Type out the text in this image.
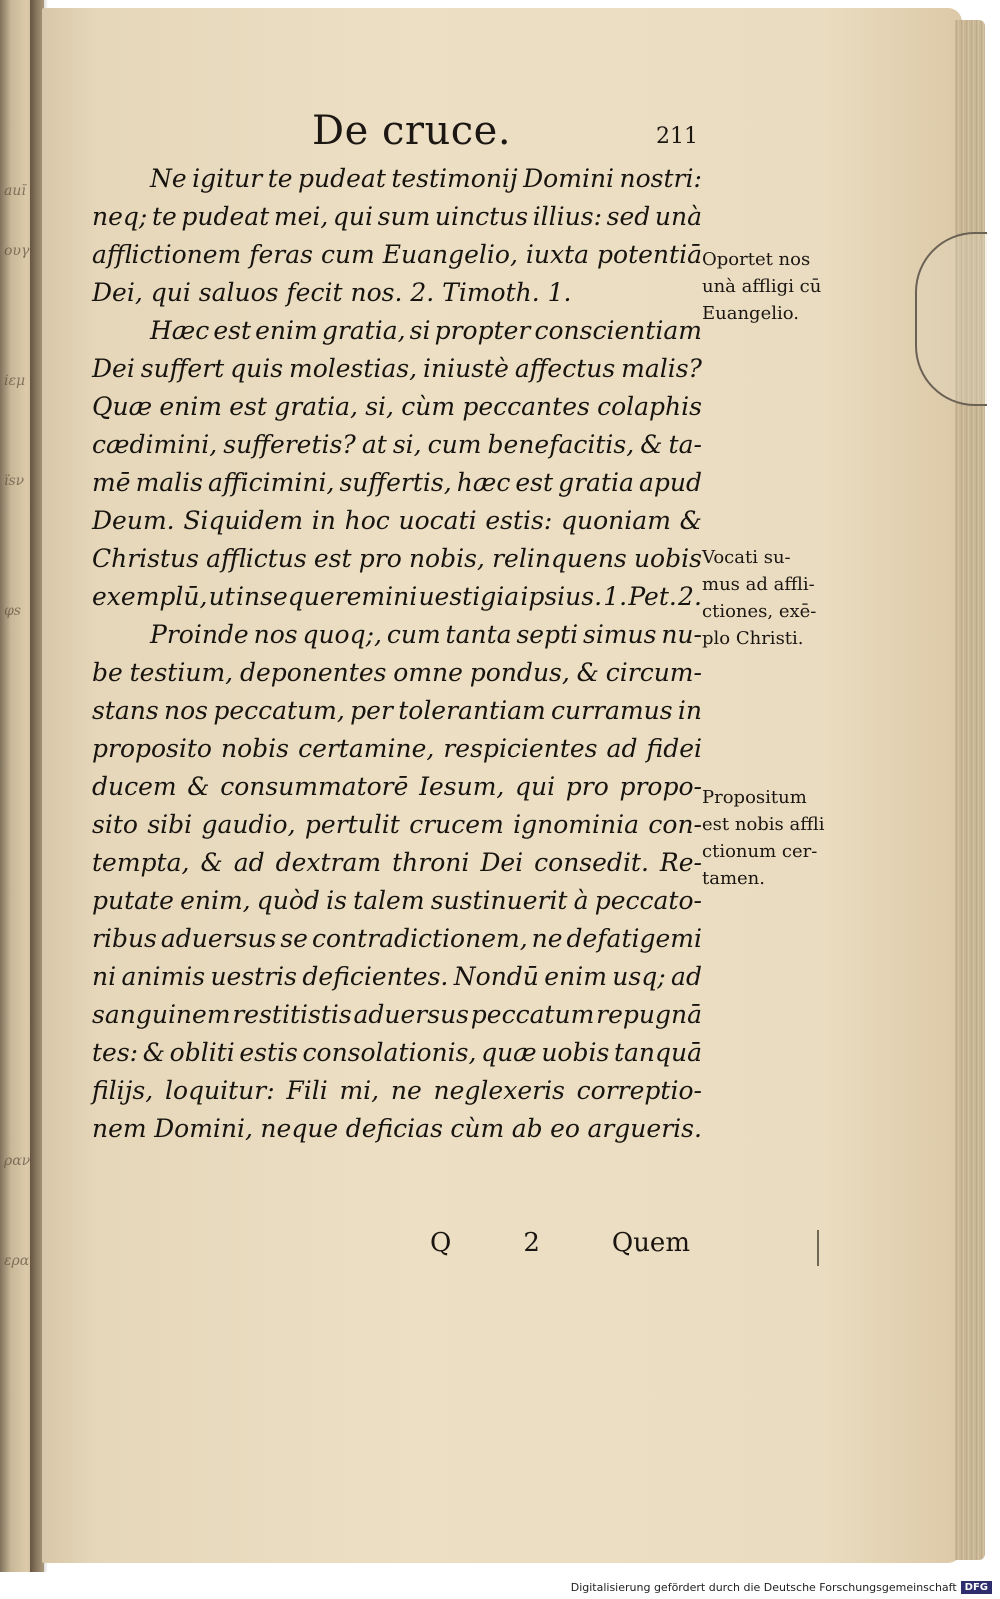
auĭ
ουγ
iεμ
ïsν
φs
ραν
ερα
De cruce.	211
Ne igitur te pudeat testimonij Domini nostri:
neq; te pudeat mei, qui sum uinctus illius: sed unà
afflictionem feras cum Euangelio, iuxta potentiā
Dei, qui saluos fecit nos. 2. Timoth. 1.
Hæc est enim gratia, si propter conscientiam
Dei suffert quis molestias, iniustè affectus malis?
Quæ enim est gratia, si, cùm peccantes colaphis
cædimini, sufferetis? at si, cum benefacitis, & ta-
mē malis afficimini, suffertis, hæc est gratia apud
Deum. Siquidem in hoc uocati estis: quoniam &
Christus afflictus est pro nobis, relinquens uobis
exemplū, ut insequeremini uestigia ipsius. 1. Pet. 2.
Proinde nos quoq;, cum tanta septi simus nu-
be testium, deponentes omne pondus, & circum-
stans nos peccatum, per tolerantiam curramus in
proposito nobis certamine, respicientes ad fidei
ducem & consummatorē Iesum, qui pro propo-
sito sibi gaudio, pertulit crucem ignominia con-
tempta, & ad dextram throni Dei consedit. Re-
putate enim, quòd is talem sustinuerit à peccato-
ribus aduersus se contradictionem, ne defatigemi
ni animis uestris deficientes. Nondū enim usq; ad
sanguinem restitistis aduersus peccatum repugnā
tes: & obliti estis consolationis, quæ uobis tanquā
filijs, loquitur: Fili mi, ne neglexeris correptio-
nem Domini, neque deficias cùm ab eo argueris.
Oportet nos
unà affligi cū
Euangelio.
Vocati su-
mus ad affli-
ctiones, exē-
plo Christi.
Propositum
est nobis affli
ctionum cer-
tamen.
Q	2	Quem
Digitalisierung gefördert durch die Deutsche Forschungsgemeinschaft DFG
